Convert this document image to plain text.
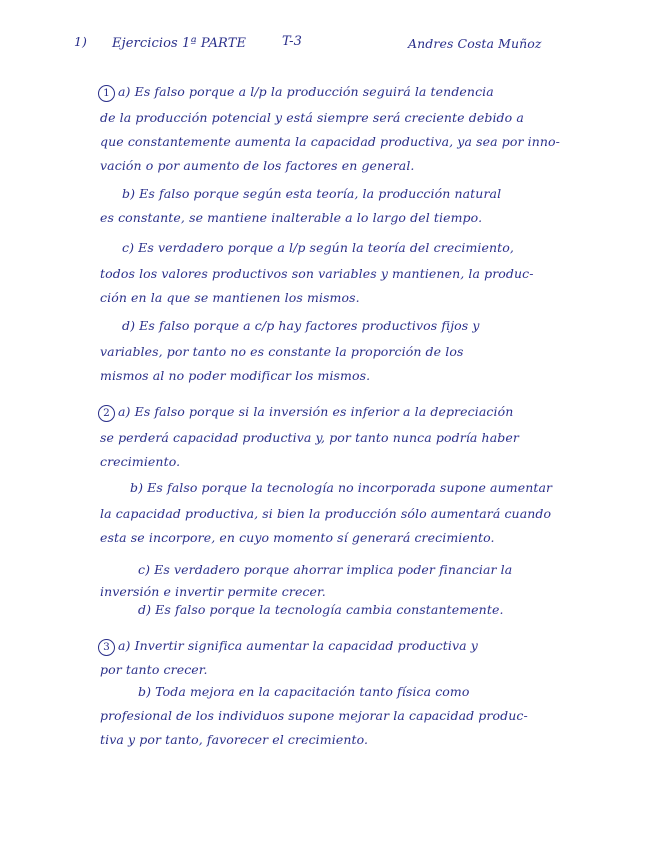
1) Ejercicios 1ª PARTE	T-3	Andres Costa Muñoz
1 a) Es falso porque a l/p la producción seguirá la tendencia
de la producción potencial y está siempre será creciente debido a
que constantemente aumenta la capacidad productiva, ya sea por inno-
vación o por aumento de los factores en general.
b) Es falso porque según esta teoría, la producción natural
es constante, se mantiene inalterable a lo largo del tiempo.
c) Es verdadero porque a l/p según la teoría del crecimiento,
todos los valores productivos son variables y mantienen, la produc-
ción en la que se mantienen los mismos.
d) Es falso porque a c/p hay factores productivos fijos y
variables, por tanto no es constante la proporción de los
mismos al no poder modificar los mismos.
2 a) Es falso porque si la inversión es inferior a la depreciación
se perderá capacidad productiva y, por tanto nunca podría haber
crecimiento.
b) Es falso porque la tecnología no incorporada supone aumentar
la capacidad productiva, si bien la producción sólo aumentará cuando
esta se incorpore, en cuyo momento sí generará crecimiento.
c) Es verdadero porque ahorrar implica poder financiar la
inversión e invertir permite crecer.
d) Es falso porque la tecnología cambia constantemente.
3 a) Invertir significa aumentar la capacidad productiva y
por tanto crecer.
b) Toda mejora en la capacitación tanto física como
profesional de los individuos supone mejorar la capacidad produc-
tiva y por tanto, favorecer el crecimiento.
